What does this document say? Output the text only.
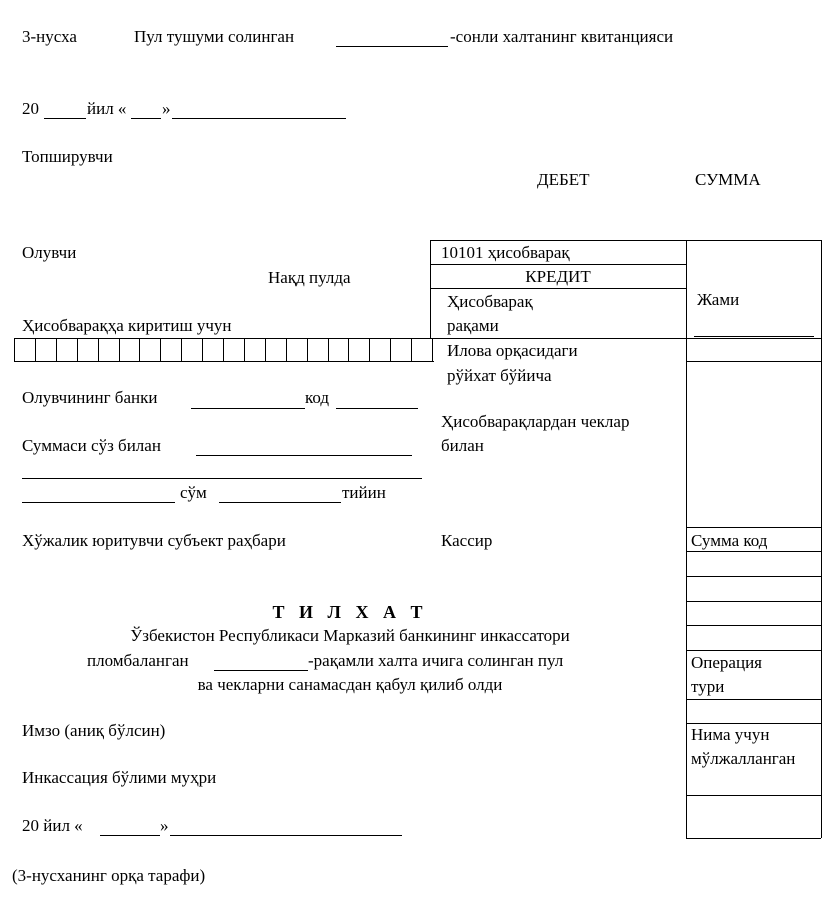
3-нусха	Пул тушуми солинган	-сонли халтанинг квитанцияси
20	йил « »
Топширувчи
ДЕБЕТ	СУММА
Олувчи
Нақд пулда
Ҳисобварақҳа киритиш учун
10101 ҳисобварақ
КРЕДИТ
Ҳисобварақ
рақами
Жами
Илова орқасидаги
рўйхат бўйича
Олувчининг банки	код
Ҳисобварақлардан чеклар
билан
Суммаси сўз билан
сўм	тийин
Хўжалик юритувчи субъект раҳбари	Кассир	Сумма код
Операция
тури
Нима учун
мўлжалланган
Т И Л Х А Т
Ўзбекистон Республикаси Марказий банкининг инкассатори
пломбаланган	-рақамли халта ичига солинган пул
ва чекларни санамасдан қабул қилиб олди
Имзо (аниқ бўлсин)
Инкассация бўлими муҳри
20 йил «	»
(3-нусханинг орқа тарафи)
